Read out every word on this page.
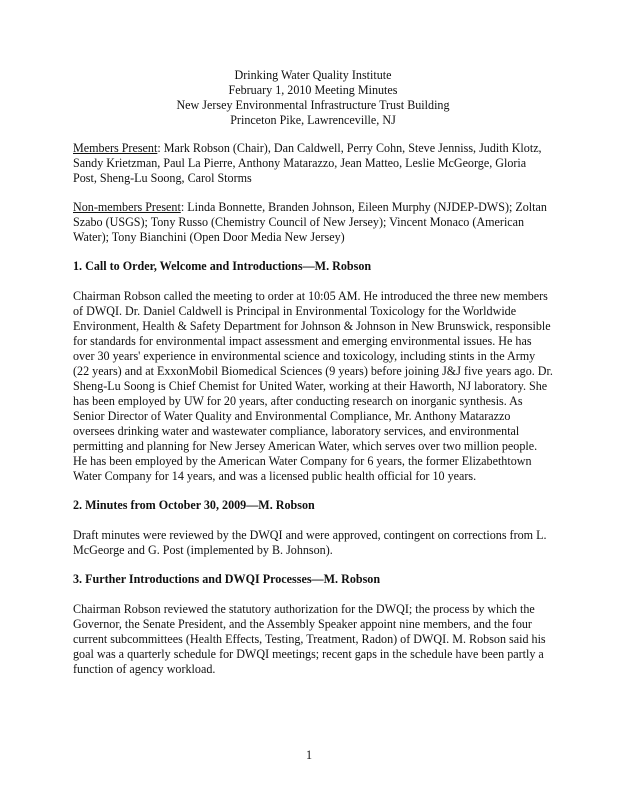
Drinking Water Quality Institute
February 1, 2010 Meeting Minutes
New Jersey Environmental Infrastructure Trust Building
Princeton Pike, Lawrenceville, NJ

Members Present: Mark Robson (Chair), Dan Caldwell, Perry Cohn, Steve Jenniss, Judith Klotz, Sandy Krietzman, Paul La Pierre, Anthony Matarazzo, Jean Matteo, Leslie McGeorge, Gloria Post, Sheng-Lu Soong, Carol Storms

Non-members Present: Linda Bonnette, Branden Johnson, Eileen Murphy (NJDEP-DWS); Zoltan Szabo (USGS); Tony Russo (Chemistry Council of New Jersey); Vincent Monaco (American Water); Tony Bianchini (Open Door Media New Jersey)

1. Call to Order, Welcome and Introductions—M. Robson

Chairman Robson called the meeting to order at 10:05 AM. He introduced the three new members of DWQI. Dr. Daniel Caldwell is Principal in Environmental Toxicology for the Worldwide Environment, Health & Safety Department for Johnson & Johnson in New Brunswick, responsible for standards for environmental impact assessment and emerging environmental issues. He has over 30 years' experience in environmental science and toxicology, including stints in the Army (22 years) and at ExxonMobil Biomedical Sciences (9 years) before joining J&J five years ago. Dr. Sheng-Lu Soong is Chief Chemist for United Water, working at their Haworth, NJ laboratory. She has been employed by UW for 20 years, after conducting research on inorganic synthesis. As Senior Director of Water Quality and Environmental Compliance, Mr. Anthony Matarazzo oversees drinking water and wastewater compliance, laboratory services, and environmental permitting and planning for New Jersey American Water, which serves over two million people. He has been employed by the American Water Company for 6 years, the former Elizabethtown Water Company for 14 years, and was a licensed public health official for 10 years.

2. Minutes from October 30, 2009—M. Robson

Draft minutes were reviewed by the DWQI and were approved, contingent on corrections from L. McGeorge and G. Post (implemented by B. Johnson).

3. Further Introductions and DWQI Processes—M. Robson

Chairman Robson reviewed the statutory authorization for the DWQI; the process by which the Governor, the Senate President, and the Assembly Speaker appoint nine members, and the four current subcommittees (Health Effects, Testing, Treatment, Radon) of DWQI. M. Robson said his goal was a quarterly schedule for DWQI meetings; recent gaps in the schedule have been partly a function of agency workload.

1
